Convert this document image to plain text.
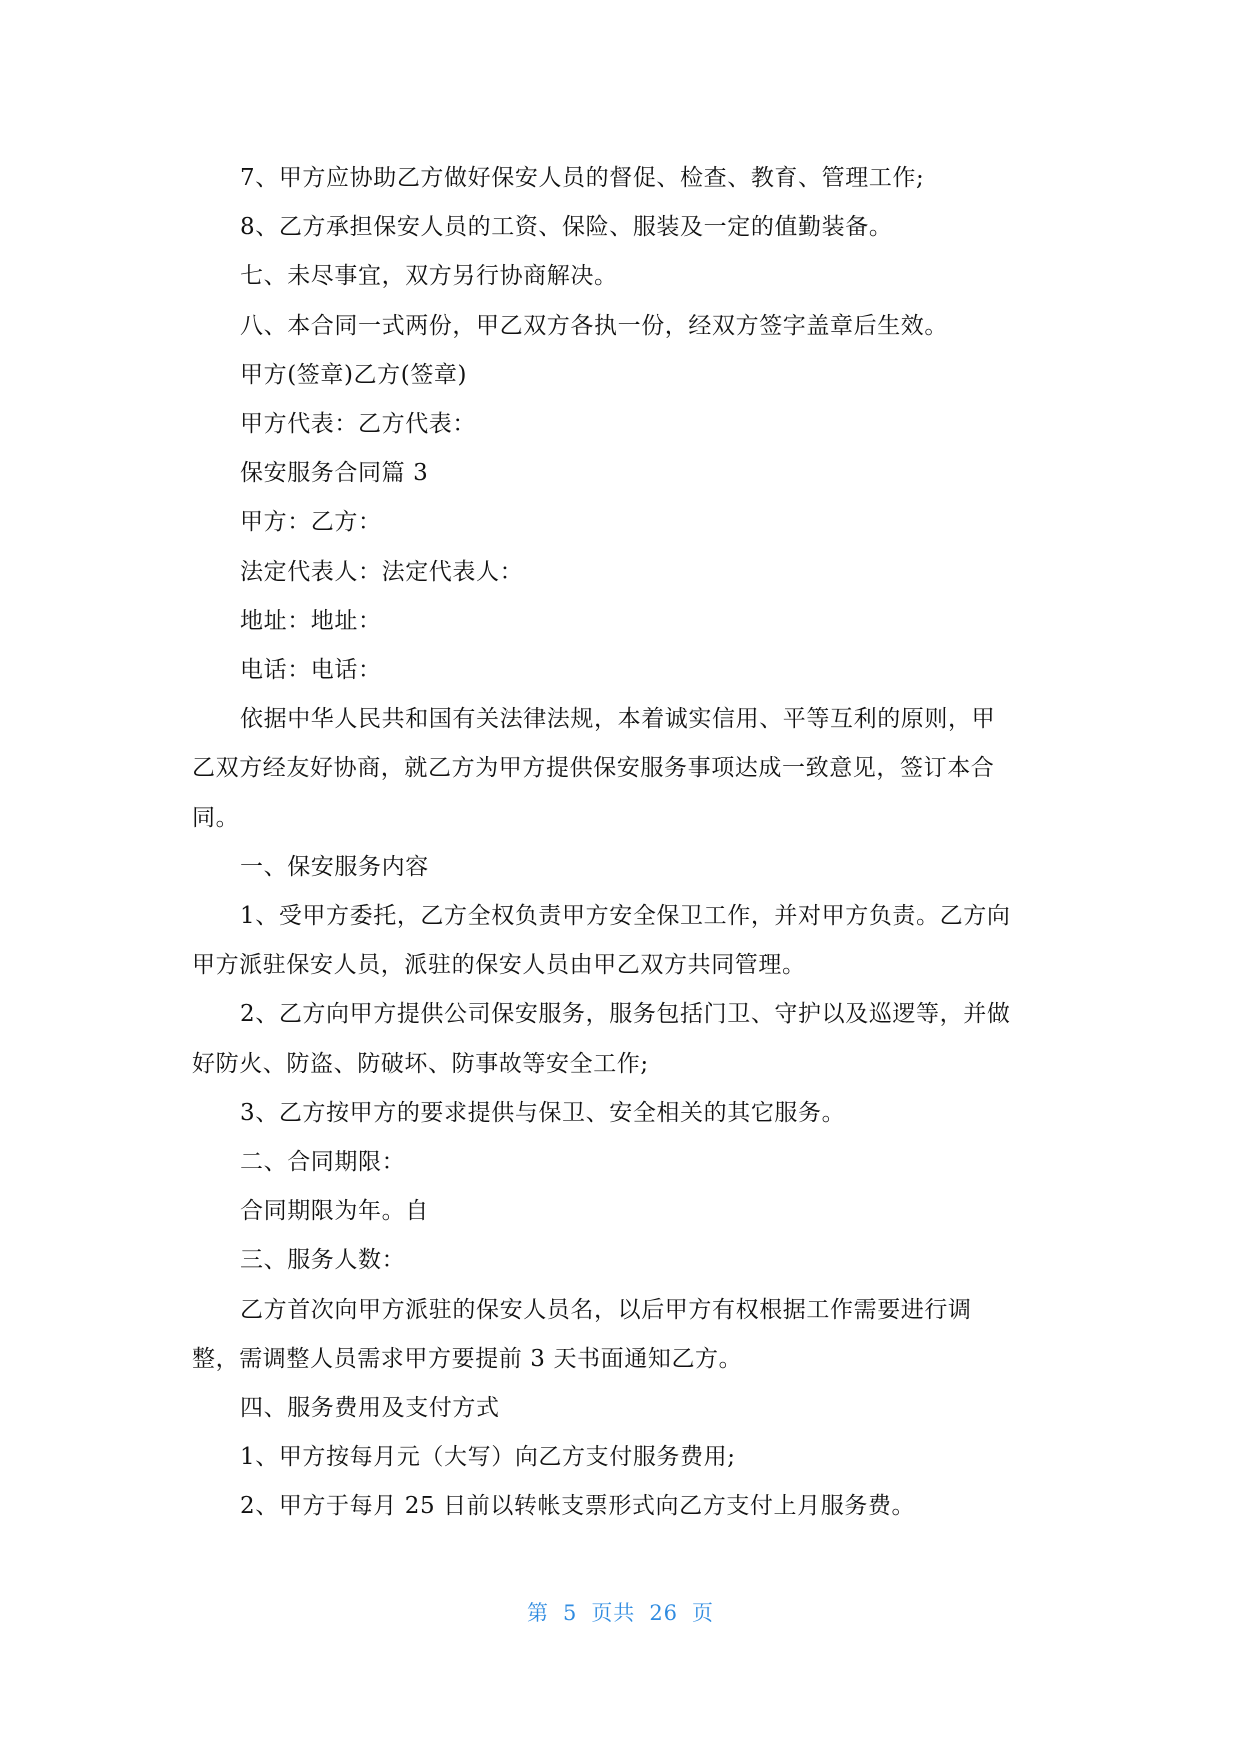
7、甲方应协助乙方做好保安人员的督促、检查、教育、管理工作;

8、乙方承担保安人员的工资、保险、服装及一定的值勤装备。

七、未尽事宜，双方另行协商解决。

八、本合同一式两份，甲乙双方各执一份，经双方签字盖章后生效。

甲方(签章)乙方(签章)

甲方代表：乙方代表：

保安服务合同篇 3

甲方：乙方：

法定代表人：法定代表人：

地址：地址：

电话：电话：

依据中华人民共和国有关法律法规，本着诚实信用、平等互利的原则，甲
乙双方经友好协商，就乙方为甲方提供保安服务事项达成一致意见，签订本合
同。

一、保安服务内容

1、受甲方委托，乙方全权负责甲方安全保卫工作，并对甲方负责。乙方向
甲方派驻保安人员，派驻的保安人员由甲乙双方共同管理。
2、乙方向甲方提供公司保安服务，服务包括门卫、守护以及巡逻等，并做
好防火、防盗、防破坏、防事故等安全工作;

3、乙方按甲方的要求提供与保卫、安全相关的其它服务。

二、合同期限：

合同期限为年。自

三、服务人数：

乙方首次向甲方派驻的保安人员名，以后甲方有权根据工作需要进行调
整，需调整人员需求甲方要提前 3 天书面通知乙方。

四、服务费用及支付方式

1、甲方按每月元（大写）向乙方支付服务费用;

2、甲方于每月 25 日前以转帐支票形式向乙方支付上月服务费。

第 5 页共 26 页
